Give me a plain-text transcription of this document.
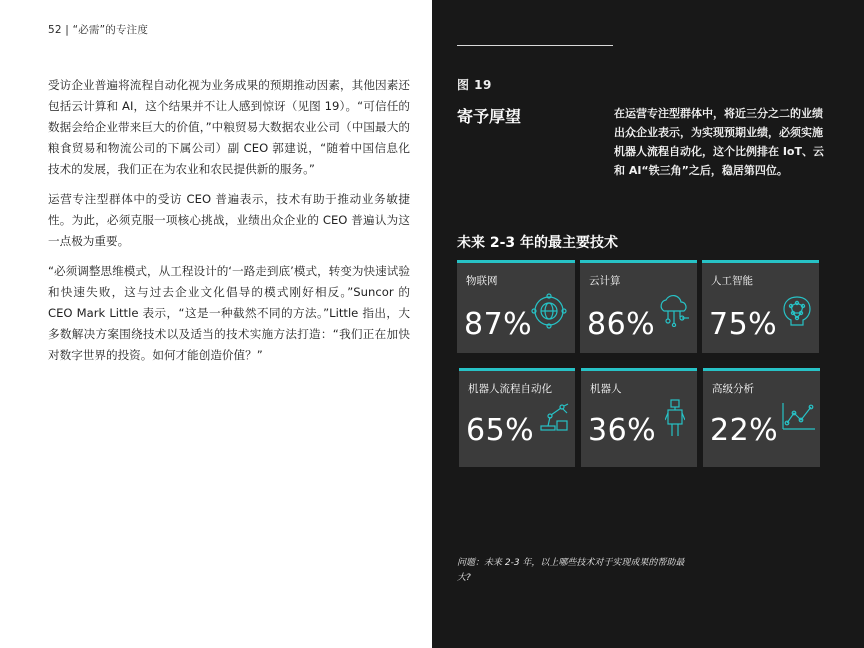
52 | “必需”的专注度

受访企业普遍将流程自动化视为业务成果的预期推动因素，其他因素还包括云计算和 AI，这个结果并不让人感到惊讶（见图 19）。“可信任的数据会给企业带来巨大的价值，”中粮贸易大数据农业公司（中国最大的粮食贸易和物流公司的下属公司）副 CEO 郭建说，“随着中国信息化技术的发展，我们正在为农业和农民提供新的服务。”

运营专注型群体中的受访 CEO 普遍表示，技术有助于推动业务敏捷性。为此，必须克服一项核心挑战，业绩出众企业的 CEO 普遍认为这一点极为重要。

“必须调整思维模式，从工程设计的‘一路走到底’模式，转变为快速试验和快速失败，这与过去企业文化倡导的模式刚好相反。”Suncor 的 CEO Mark Little 表示，“这是一种截然不同的方法。”Little 指出，大多数解决方案围绕技术以及适当的技术实施方法打造：“我们正在加快对数字世界的投资。如何才能创造价值？”

图 19
寄予厚望	在运营专注型群体中，将近三分之二的业绩出众企业表示，为实现预期业绩，必须实施机器人流程自动化，这个比例排在 IoT、云和 AI“铁三角”之后，稳居第四位。
未来 2-3 年的最主要技术
物联网
87%
云计算
86%
人工智能
75%
机器人流程自动化
65%
机器人
36%
高级分析
22%
问题：未来 2-3 年，以上哪些技术对于实现成果的帮助最大?
